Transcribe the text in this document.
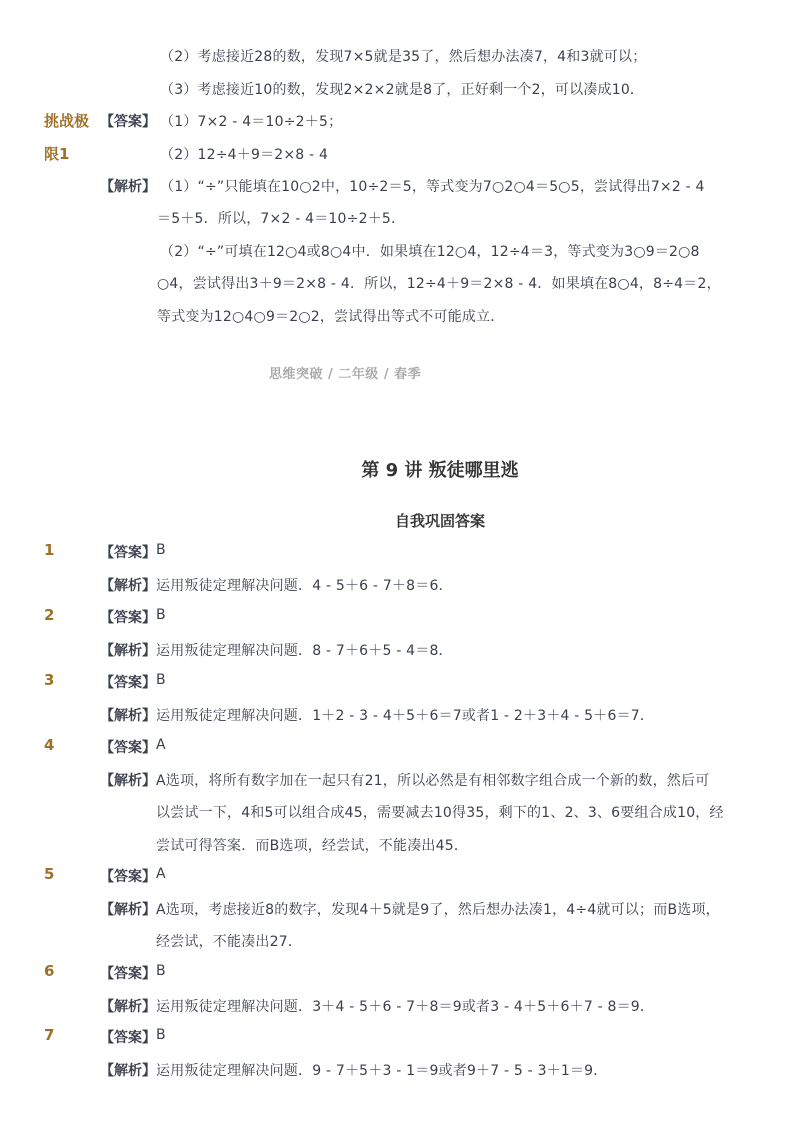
（2）考虑接近28的数，发现7×5就是35了，然后想办法凑7，4和3就可以；
（3）考虑接近10的数，发现2×2×2就是8了，正好剩一个2，可以凑成10．
挑战极
限1
【答案】 （1）7×2 - 4＝10÷2＋5；
（2）12÷4＋9＝2×8 - 4
【解析】 （1）“÷”只能填在10○2中，10÷2＝5，等式变为7○2○4＝5○5，尝试得出7×2 - 4
＝5＋5．所以，7×2 - 4＝10÷2＋5．
（2）“÷”可填在12○4或8○4中．如果填在12○4，12÷4＝3，等式变为3○9＝2○8
○4，尝试得出3＋9＝2×8 - 4．所以，12÷4＋9＝2×8 - 4．如果填在8○4，8÷4＝2，
等式变为12○4○9＝2○2，尝试得出等式不可能成立．
思维突破 / 二年级 / 春季
第 9 讲 叛徒哪里逃
自我巩固答案
1	【答案】 B
【解析】 运用叛徒定理解决问题．4 - 5＋6 - 7＋8＝6．
2	【答案】 B
【解析】 运用叛徒定理解决问题．8 - 7＋6＋5 - 4＝8．
3	【答案】 B
【解析】 运用叛徒定理解决问题．1＋2 - 3 - 4＋5＋6＝7或者1 - 2＋3＋4 - 5＋6＝7．
4	【答案】 A
【解析】 A选项，将所有数字加在一起只有21，所以必然是有相邻数字组合成一个新的数，然后可
以尝试一下，4和5可以组合成45，需要减去10得35，剩下的1、2、3、6要组合成10，经
尝试可得答案．而B选项，经尝试，不能凑出45．
5	【答案】 A
【解析】 A选项，考虑接近8的数字，发现4＋5就是9了，然后想办法凑1，4÷4就可以；而B选项，
经尝试，不能凑出27．
6	【答案】 B
【解析】 运用叛徒定理解决问题．3＋4 - 5＋6 - 7＋8＝9或者3 - 4＋5＋6＋7 - 8＝9．
7	【答案】 B
【解析】 运用叛徒定理解决问题．9 - 7＋5＋3 - 1＝9或者9＋7 - 5 - 3＋1＝9．
